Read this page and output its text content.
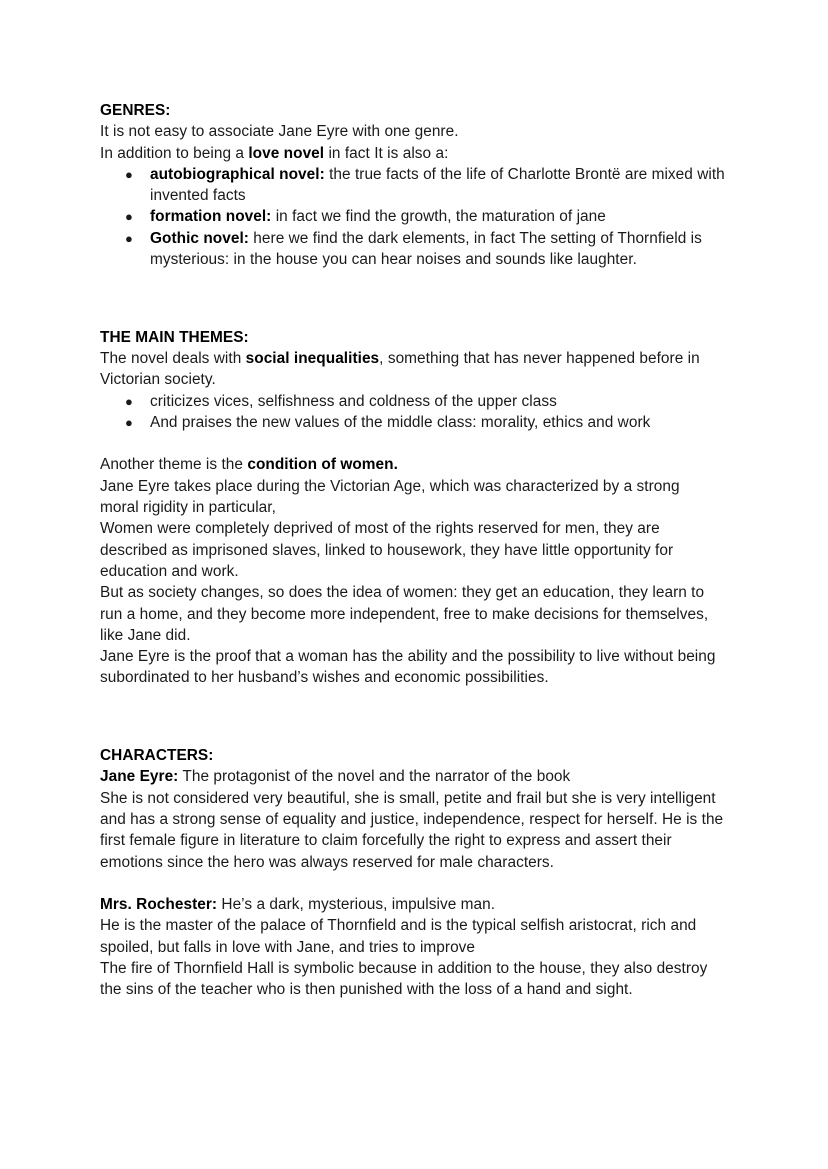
GENRES:
It is not easy to associate Jane Eyre with one genre.
In addition to being a love novel in fact It is also a:
● autobiographical novel: the true facts of the life of Charlotte Brontë are mixed with invented facts
● formation novel: in fact we find the growth, the maturation of jane
● Gothic novel: here we find the dark elements, in fact The setting of Thornfield is mysterious: in the house you can hear noises and sounds like laughter.
THE MAIN THEMES:
The novel deals with social inequalities, something that has never happened before in Victorian society.
● criticizes vices, selfishness and coldness of the upper class
● And praises the new values of the middle class: morality, ethics and work
Another theme is the condition of women.
Jane Eyre takes place during the Victorian Age, which was characterized by a strong moral rigidity in particular,
Women were completely deprived of most of the rights reserved for men, they are described as imprisoned slaves, linked to housework, they have little opportunity for education and work.
But as society changes, so does the idea of women: they get an education, they learn to run a home, and they become more independent, free to make decisions for themselves, like Jane did.
Jane Eyre is the proof that a woman has the ability and the possibility to live without being subordinated to her husband’s wishes and economic possibilities.
CHARACTERS:
Jane Eyre: The protagonist of the novel and the narrator of the book
She is not considered very beautiful, she is small, petite and frail but she is very intelligent and has a strong sense of equality and justice, independence, respect for herself. He is the first female figure in literature to claim forcefully the right to express and assert their emotions since the hero was always reserved for male characters.
Mrs. Rochester: He’s a dark, mysterious, impulsive man.
He is the master of the palace of Thornfield and is the typical selfish aristocrat, rich and spoiled, but falls in love with Jane, and tries to improve
The fire of Thornfield Hall is symbolic because in addition to the house, they also destroy the sins of the teacher who is then punished with the loss of a hand and sight.
